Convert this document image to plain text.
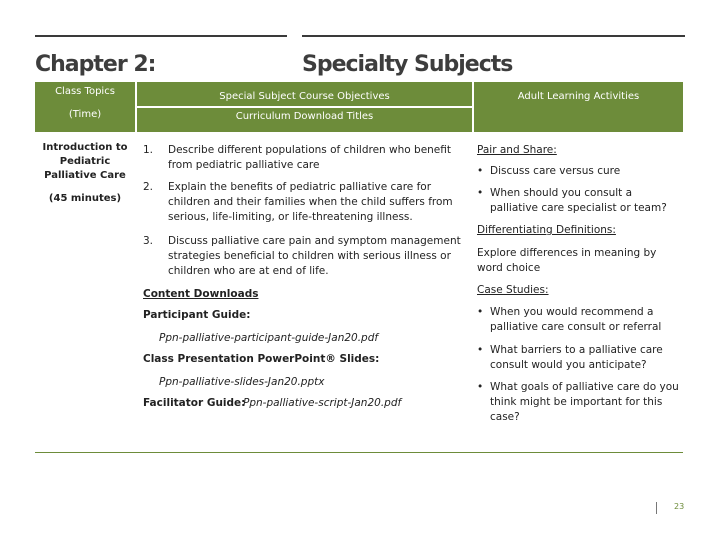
Chapter 2:	Specialty Subjects
Class Topics
(Time)
Special Subject Course Objectives
Curriculum Download Titles
Adult Learning Activities
Introduction to
Pediatric
Palliative Care
(45 minutes)
1. Describe different populations of children who benefit
from pediatric palliative care
2. Explain the benefits of pediatric palliative care for
children and their families when the child suffers from
serious, life-limiting, or life-threatening illness.
3. Discuss palliative care pain and symptom management
strategies beneficial to children with serious illness or
children who are at end of life.
Content Downloads
Participant Guide:
Ppn-palliative-participant-guide-Jan20.pdf
Class Presentation PowerPoint® Slides:
Ppn-palliative-slides-Jan20.pptx
Facilitator Guide:
Ppn-palliative-script-Jan20.pdf
Pair and Share:
• Discuss care versus cure
• When should you consult a
palliative care specialist or team?
Differentiating Definitions:
Explore differences in meaning by
word choice
Case Studies:
• When you would recommend a
palliative care consult or referral
• What barriers to a palliative care
consult would you anticipate?
• What goals of palliative care do you
think might be important for this
case?
23
